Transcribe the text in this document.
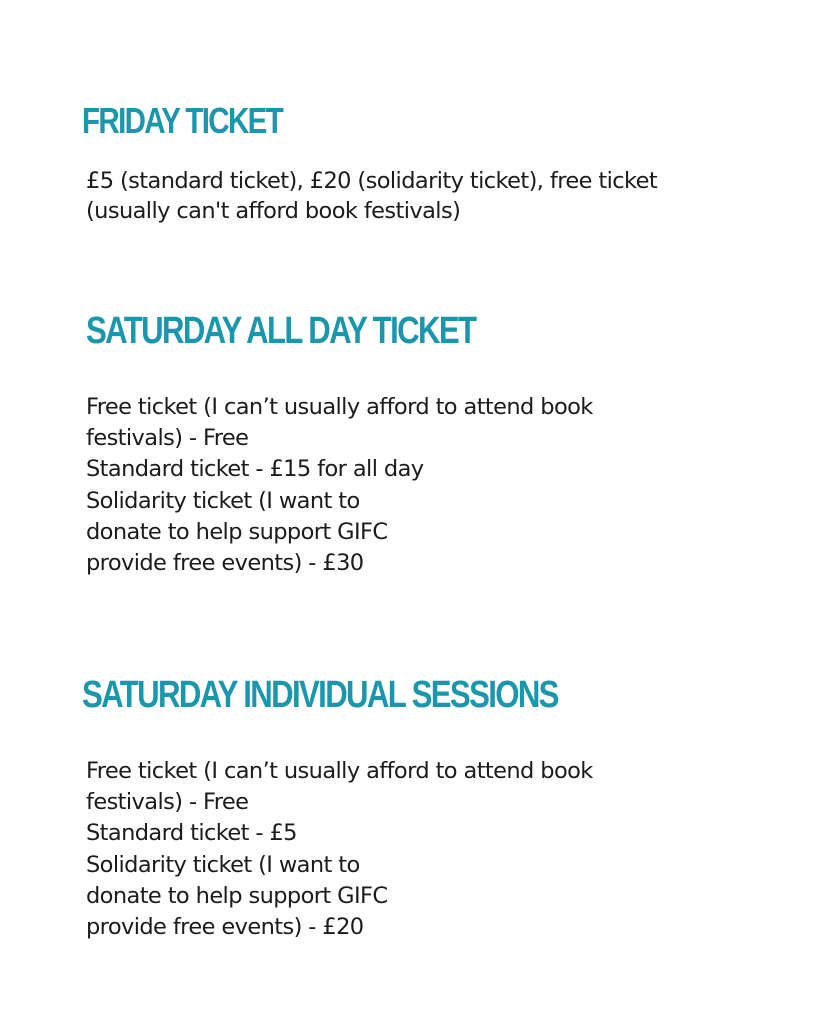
FRIDAY TICKET
£5 (standard ticket), £20 (solidarity ticket), free ticket
(usually can't afford book festivals)
SATURDAY ALL DAY TICKET
Free ticket (I can’t usually afford to attend book
festivals) - Free
Standard ticket - £15 for all day
Solidarity ticket (I want to
donate to help support GIFC
provide free events) - £30
SATURDAY INDIVIDUAL SESSIONS
Free ticket (I can’t usually afford to attend book
festivals) - Free
Standard ticket - £5
Solidarity ticket (I want to
donate to help support GIFC
provide free events) - £20
